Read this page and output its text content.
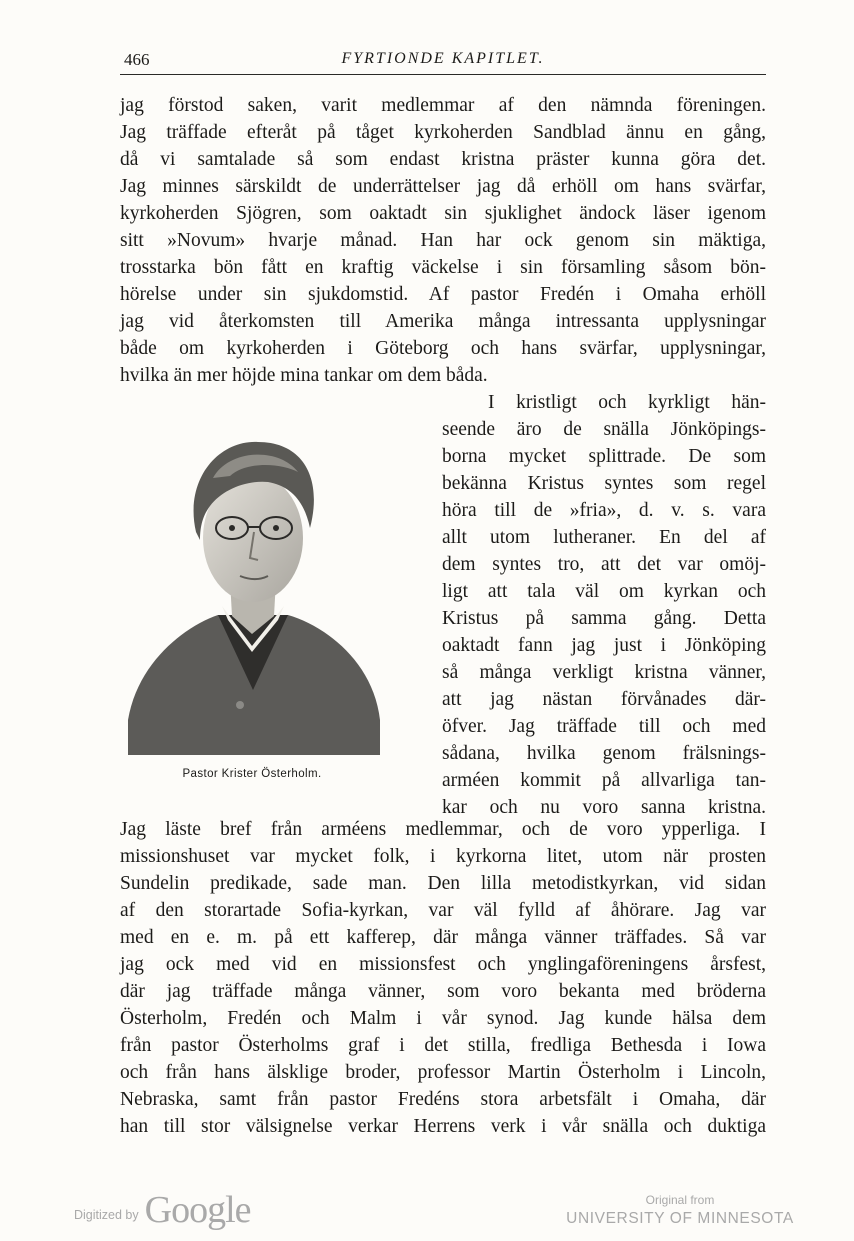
466	FYRTIONDE KAPITLET.
jag förstod saken, varit medlemmar af den nämnda föreningen.
Jag träffade efteråt på tåget kyrkoherden Sandblad ännu en gång,
då vi samtalade så som endast kristna präster kunna göra det.
Jag minnes särskildt de underrättelser jag då erhöll om hans svärfar,
kyrkoherden Sjögren, som oaktadt sin sjuklighet ändock läser igenom
sitt »Novum» hvarje månad. Han har ock genom sin mäktiga,
trosstarka bön fått en kraftig väckelse i sin församling såsom bön-
hörelse under sin sjukdomstid. Af pastor Fredén i Omaha erhöll
jag vid återkomsten till Amerika många intressanta upplysningar
både om kyrkoherden i Göteborg och hans svärfar, upplysningar,
hvilka än mer höjde mina tankar om dem båda.
Pastor Krister Österholm.
I kristligt och kyrkligt hän-
seende äro de snälla Jönköpings-
borna mycket splittrade. De som
bekänna Kristus syntes som regel
höra till de »fria», d. v. s. vara
allt utom lutheraner. En del af
dem syntes tro, att det var omöj-
ligt att tala väl om kyrkan och
Kristus på samma gång. Detta
oaktadt fann jag just i Jönköping
så många verkligt kristna vänner,
att jag nästan förvånades där-
öfver. Jag träffade till och med
sådana, hvilka genom frälsnings-
arméen kommit på allvarliga tan-
kar och nu voro sanna kristna.
Jag läste bref från arméens medlemmar, och de voro ypperliga. I
missionshuset var mycket folk, i kyrkorna litet, utom när prosten
Sundelin predikade, sade man. Den lilla metodistkyrkan, vid sidan
af den storartade Sofia-kyrkan, var väl fylld af åhörare. Jag var
med en e. m. på ett kafferep, där många vänner träffades. Så var
jag ock med vid en missionsfest och ynglingaföreningens årsfest,
där jag träffade många vänner, som voro bekanta med bröderna
Österholm, Fredén och Malm i vår synod. Jag kunde hälsa dem
från pastor Österholms graf i det stilla, fredliga Bethesda i Iowa
och från hans älsklige broder, professor Martin Österholm i Lincoln,
Nebraska, samt från pastor Fredéns stora arbetsfält i Omaha, där
han till stor välsignelse verkar Herrens verk i vår snälla och duktiga
Digitized by Google	Original from
UNIVERSITY OF MINNESOTA
